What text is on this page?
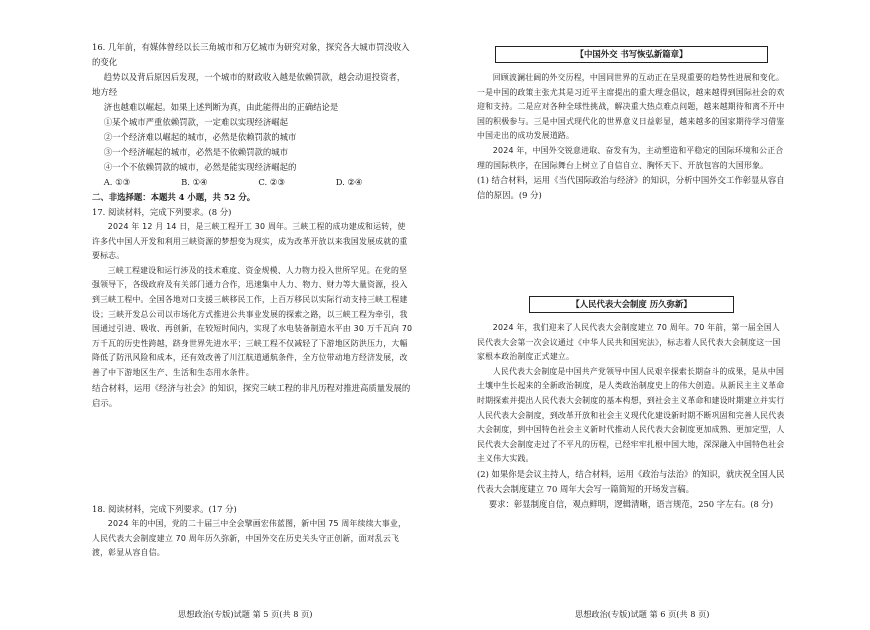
16. 几年前，有媒体曾经以长三角城市和万亿城市为研究对象，探究各大城市罚没收入的变化

趋势以及背后原因后发现，一个城市的财政收入越是依赖罚款，越会动退投资者，地方经

济也越难以崛起。如果上述判断为真，由此能得出的正确结论是

①某个城市严重依赖罚款，一定难以实现经济崛起

②一个经济难以崛起的城市，必然是依赖罚款的城市

③一个经济崛起的城市，必然是不依赖罚款的城市

④一个不依赖罚款的城市，必然是能实现经济崛起的

A. ①③	B. ①④	C. ②③	D. ②④

二、非选择题：本题共 4 小题，共 52 分。

17. 阅读材料，完成下列要求。(8 分)

2024 年 12 月 14 日，是三峡工程开工 30 周年。三峡工程的成功建成和运转，使许多代中国人开发和利用三峡资源的梦想变为现实，成为改革开放以来我国发展成就的重要标志。

三峡工程建设和运行涉及的技术难度、资金规模、人力物力投入世所罕见。在党的坚强领导下，各级政府及有关部门通力合作，迅速集中人力、物力、财力等大量资源，投入到三峡工程中。全国各地对口支援三峡移民工作，上百万移民以实际行动支持三峡工程建设；三峡开发总公司以市场化方式推进公共事业发展的探索之路，以三峡工程为牵引，我国通过引进、吸收、再创新，在较短时间内，实现了水电装备制造水平由 30 万千瓦向 70 万千瓦的历史性跨越，跻身世界先进水平；三峡工程不仅减轻了下游地区防洪压力，大幅降低了防汛风险和成本，还有效改善了川江航道通航条件，全方位带动地方经济发展，改善了中下游地区生产、生活和生态用水条件。

结合材料，运用《经济与社会》的知识，探究三峡工程的非凡历程对推进高质量发展的启示。

18. 阅读材料，完成下列要求。(17 分)

2024 年的中国，党的二十届三中全会擘画宏伟蓝图，新中国 75 周年续续大事业，人民代表大会制度建立 70 周年历久弥新，中国外交在历史关头守正创新，面对乱云飞渡，彰显从容自信。

思想政治(专版)试题 第 5 页(共 8 页)
【中国外交 书写恢弘新篇章】

回顾波澜壮阔的外交历程，中国同世界的互动正在呈现重要的趋势性进展和变化。一是中国的政策主张尤其是习近平主席提出的重大理念倡议，越来越得到国际社会的欢迎和支持。二是应对各种全球性挑战，解决重大热点难点问题，越来越期待和离不开中国的积极参与。三是中国式现代化的世界意义日益彰显，越来越多的国家期待学习借鉴中国走出的成功发展道路。

2024 年，中国外交锐意进取、奋发有为，主动塑造和平稳定的国际环境和公正合理的国际秩序，在国际舞台上树立了自信自立、胸怀天下、开放包容的大国形象。

(1) 结合材料，运用《当代国际政治与经济》的知识，分析中国外交工作彰显从容自信的原因。(9 分)

【人民代表大会制度 历久弥新】

2024 年，我们迎来了人民代表大会制度建立 70 周年。70 年前，第一届全国人民代表大会第一次会议通过《中华人民共和国宪法》，标志着人民代表大会制度这一国家根本政治制度正式建立。

人民代表大会制度是中国共产党领导中国人民艰辛探索长期奋斗的成果，是从中国土壤中生长起来的全新政治制度，是人类政治制度史上的伟大创造。从新民主主义革命时期探索并提出人民代表大会制度的基本构想，到社会主义革命和建设时期建立并实行人民代表大会制度，到改革开放和社会主义现代化建设新时期不断巩固和完善人民代表大会制度，到中国特色社会主义新时代推动人民代表大会制度更加成熟、更加定型，人民代表大会制度走过了不平凡的历程，已经牢牢扎根中国大地，深深融入中国特色社会主义伟大实践。

(2) 如果你是会议主持人，结合材料，运用《政治与法治》的知识，就庆祝全国人民代表大会制度建立 70 周年大会写一篇简短的开场发言稿。

要求：彰显制度自信，观点鲜明，逻辑清晰，语言规范，250 字左右。(8 分)

思想政治(专版)试题 第 6 页(共 8 页)
